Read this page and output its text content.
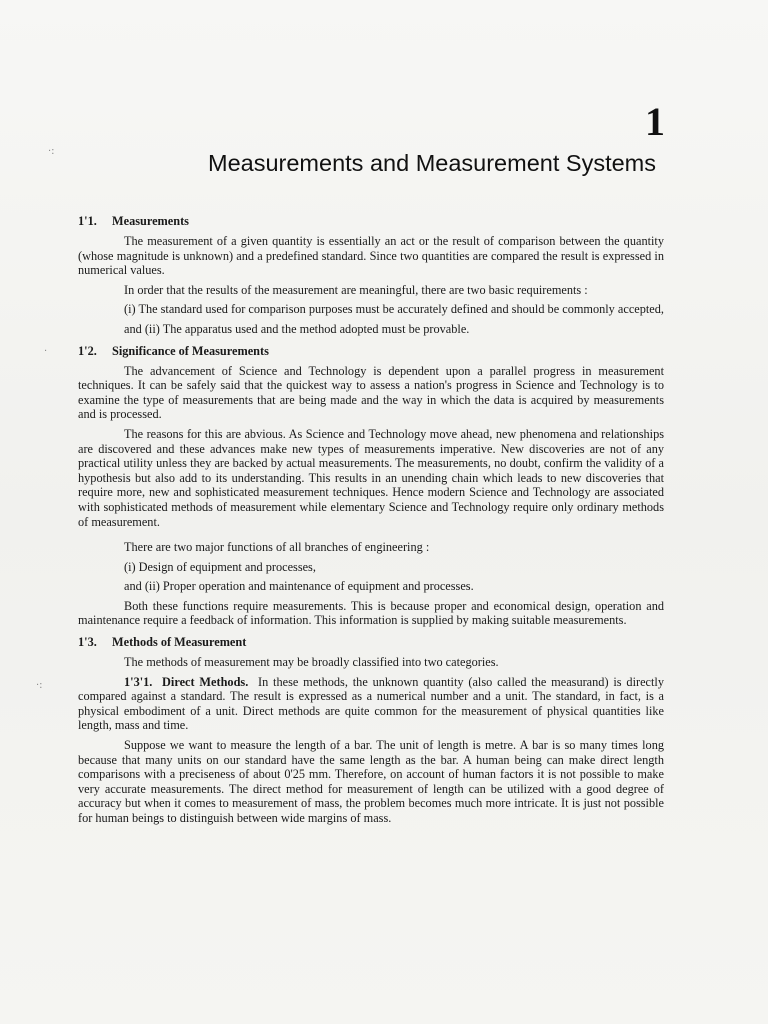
1
Measurements and Measurement Systems
·:
·
·:
1'1. Measurements

The measurement of a given quantity is essentially an act or the result of comparison between the quantity (whose magnitude is unknown) and a predefined standard. Since two quantities are compared the result is expressed in numerical values.

In order that the results of the measurement are meaningful, there are two basic requirements :

(i) The standard used for comparison purposes must be accurately defined and should be commonly accepted,

and (ii) The apparatus used and the method adopted must be provable.

1'2. Significance of Measurements

The advancement of Science and Technology is dependent upon a parallel progress in measurement techniques. It can be safely said that the quickest way to assess a nation's progress in Science and Technology is to examine the type of measurements that are being made and the way in which the data is acquired by measurements and is processed.

The reasons for this are abvious. As Science and Technology move ahead, new phenomena and relationships are discovered and these advances make new types of measurements imperative. New discoveries are not of any practical utility unless they are backed by actual measurements. The measurements, no doubt, confirm the validity of a hypothesis but also add to its understanding. This results in an unending chain which leads to new discoveries that require more, new and sophisticated measurement techniques. Hence modern Science and Technology are associated with sophisticated methods of measurement while elementary Science and Technology require only ordinary methods of measurement.

There are two major functions of all branches of engineering :

(i) Design of equipment and processes,

and (ii) Proper operation and maintenance of equipment and processes.

Both these functions require measurements. This is because proper and economical design, operation and maintenance require a feedback of information. This information is supplied by making suitable measurements.

1'3. Methods of Measurement

The methods of measurement may be broadly classified into two categories.

1'3'1. Direct Methods. In these methods, the unknown quantity (also called the measurand) is directly compared against a standard. The result is expressed as a numerical number and a unit. The standard, in fact, is a physical embodiment of a unit. Direct methods are quite common for the measurement of physical quantities like length, mass and time.

Suppose we want to measure the length of a bar. The unit of length is metre. A bar is so many times long because that many units on our standard have the same length as the bar. A human being can make direct length comparisons with a preciseness of about 0'25 mm. Therefore, on account of human factors it is not possible to make very accurate measurements. The direct method for measurement of length can be utilized with a good degree of accuracy but when it comes to measurement of mass, the problem becomes much more intricate. It is just not possible for human beings to distinguish between wide margins of mass.
